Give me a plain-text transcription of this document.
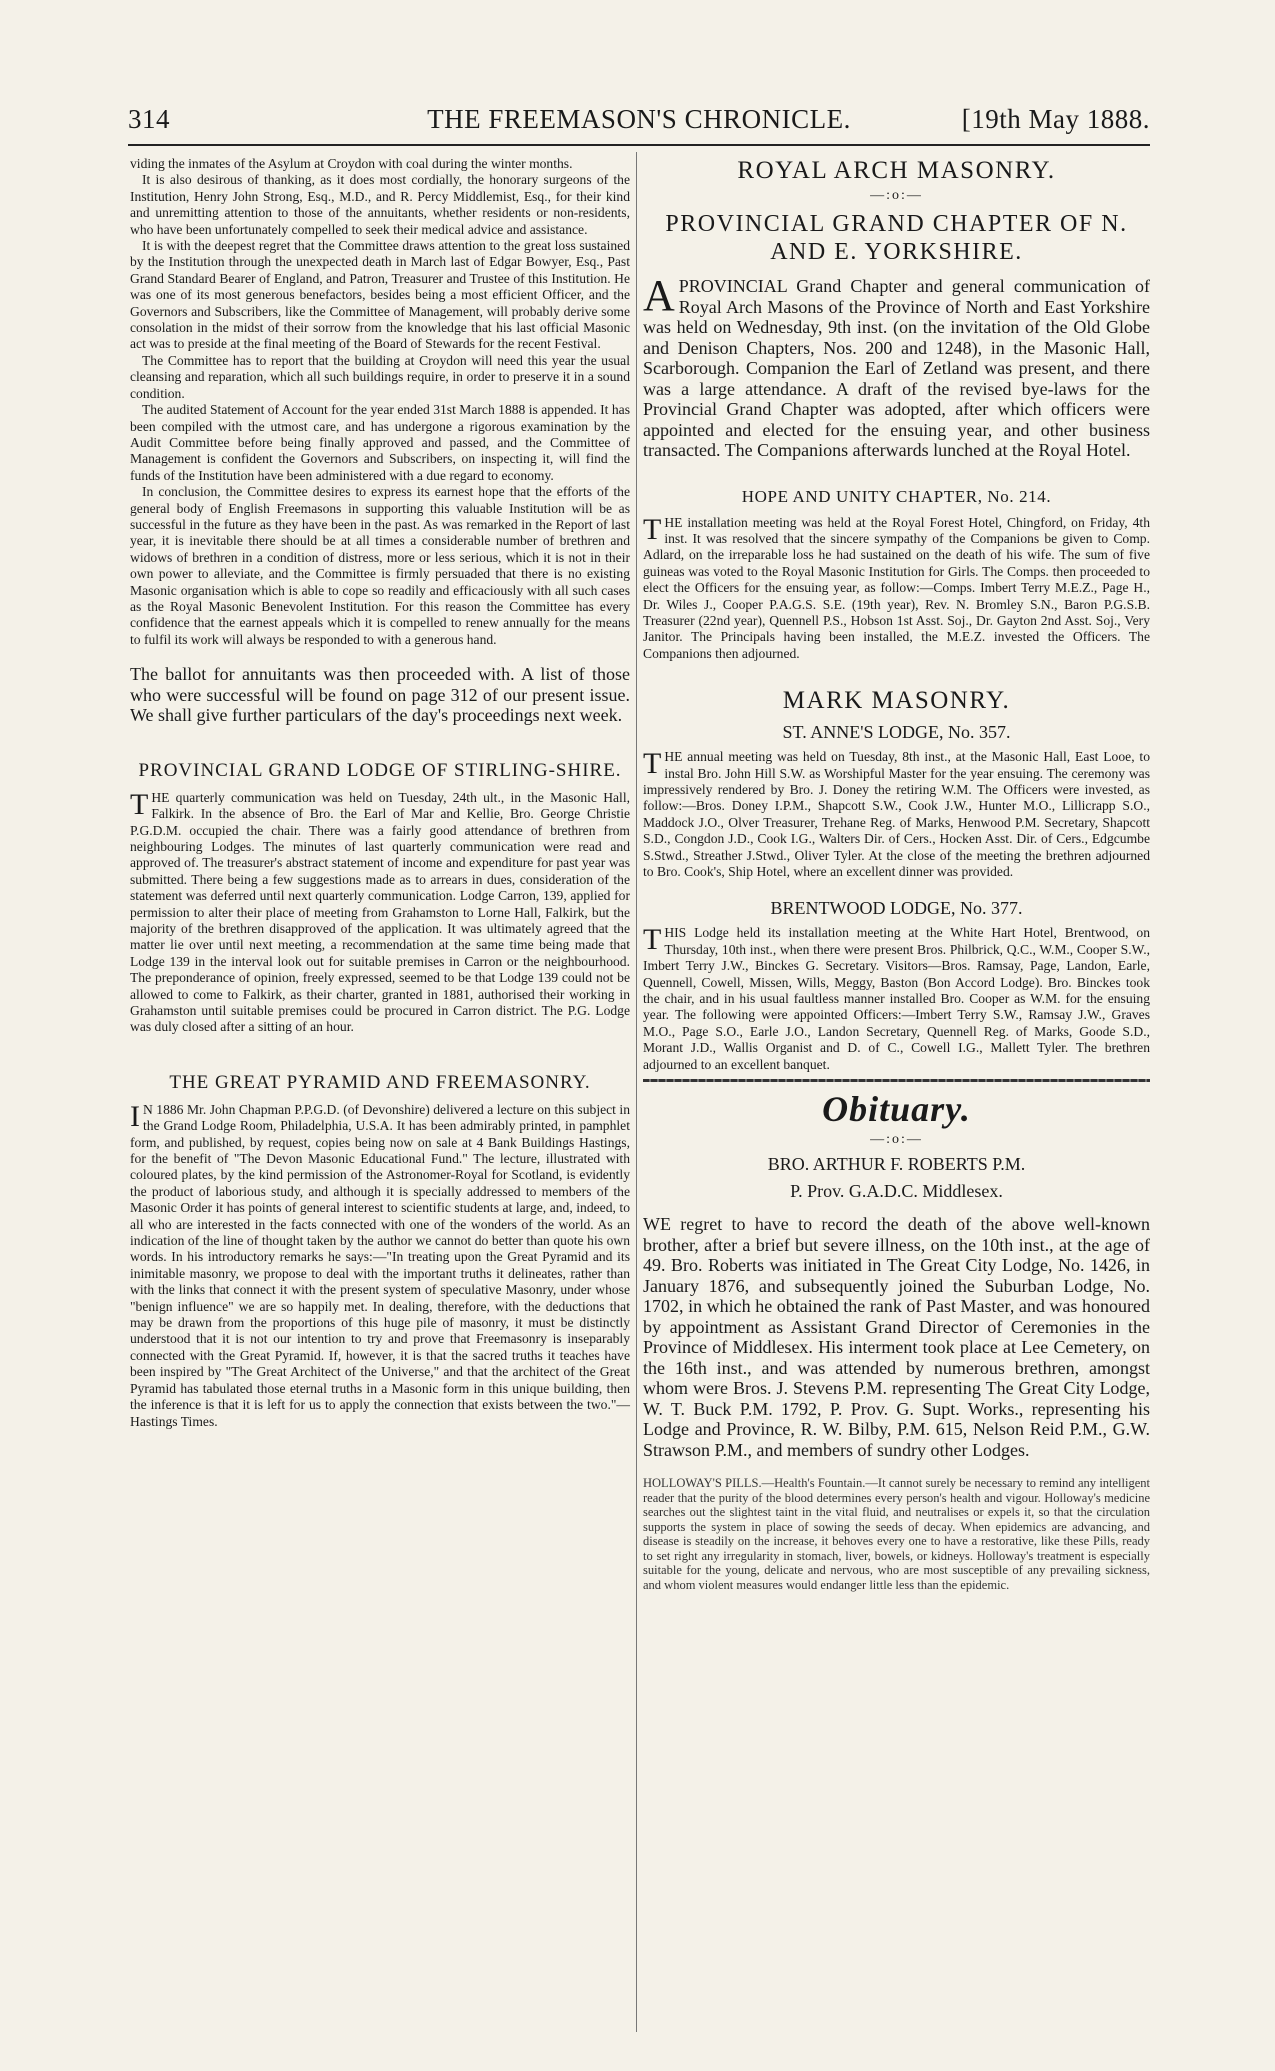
314	THE FREEMASON'S CHRONICLE.	[19th May 1888.

viding the inmates of the Asylum at Croydon with coal during the winter months.

It is also desirous of thanking, as it does most cordially, the honorary surgeons of the Institution, Henry John Strong, Esq., M.D., and R. Percy Middlemist, Esq., for their kind and unremitting attention to those of the annuitants, whether residents or non-residents, who have been unfortunately compelled to seek their medical advice and assistance.

It is with the deepest regret that the Committee draws attention to the great loss sustained by the Institution through the unexpected death in March last of Edgar Bowyer, Esq., Past Grand Standard Bearer of England, and Patron, Treasurer and Trustee of this Institution. He was one of its most generous benefactors, besides being a most efficient Officer, and the Governors and Subscribers, like the Committee of Management, will probably derive some consolation in the midst of their sorrow from the knowledge that his last official Masonic act was to preside at the final meeting of the Board of Stewards for the recent Festival.

The Committee has to report that the building at Croydon will need this year the usual cleansing and reparation, which all such buildings require, in order to preserve it in a sound condition.

The audited Statement of Account for the year ended 31st March 1888 is appended. It has been compiled with the utmost care, and has undergone a rigorous examination by the Audit Committee before being finally approved and passed, and the Committee of Management is confident the Governors and Subscribers, on inspecting it, will find the funds of the Institution have been administered with a due regard to economy.

In conclusion, the Committee desires to express its earnest hope that the efforts of the general body of English Freemasons in supporting this valuable Institution will be as successful in the future as they have been in the past. As was remarked in the Report of last year, it is inevitable there should be at all times a considerable number of brethren and widows of brethren in a condition of distress, more or less serious, which it is not in their own power to alleviate, and the Committee is firmly persuaded that there is no existing Masonic organisation which is able to cope so readily and efficaciously with all such cases as the Royal Masonic Benevolent Institution. For this reason the Committee has every confidence that the earnest appeals which it is compelled to renew annually for the means to fulfil its work will always be responded to with a generous hand.

The ballot for annuitants was then proceeded with. A list of those who were successful will be found on page 312 of our present issue. We shall give further particulars of the day's proceedings next week.

PROVINCIAL GRAND LODGE OF STIRLING-SHIRE.

T HE quarterly communication was held on Tuesday, 24th ult., in the Masonic Hall, Falkirk. In the absence of Bro. the Earl of Mar and Kellie, Bro. George Christie P.G.D.M. occupied the chair. There was a fairly good attendance of brethren from neighbouring Lodges. The minutes of last quarterly communication were read and approved of. The treasurer's abstract statement of income and expenditure for past year was submitted. There being a few suggestions made as to arrears in dues, consideration of the statement was deferred until next quarterly communication. Lodge Carron, 139, applied for permission to alter their place of meeting from Grahamston to Lorne Hall, Falkirk, but the majority of the brethren disapproved of the application. It was ultimately agreed that the matter lie over until next meeting, a recommendation at the same time being made that Lodge 139 in the interval look out for suitable premises in Carron or the neighbourhood. The preponderance of opinion, freely expressed, seemed to be that Lodge 139 could not be allowed to come to Falkirk, as their charter, granted in 1881, authorised their working in Grahamston until suitable premises could be procured in Carron district. The P.G. Lodge was duly closed after a sitting of an hour.

THE GREAT PYRAMID AND FREEMASONRY.

I N 1886 Mr. John Chapman P.P.G.D. (of Devonshire) delivered a lecture on this subject in the Grand Lodge Room, Philadelphia, U.S.A. It has been admirably printed, in pamphlet form, and published, by request, copies being now on sale at 4 Bank Buildings Hastings, for the benefit of "The Devon Masonic Educational Fund." The lecture, illustrated with coloured plates, by the kind permission of the Astronomer-Royal for Scotland, is evidently the product of laborious study, and although it is specially addressed to members of the Masonic Order it has points of general interest to scientific students at large, and, indeed, to all who are interested in the facts connected with one of the wonders of the world. As an indication of the line of thought taken by the author we cannot do better than quote his own words. In his introductory remarks he says:—"In treating upon the Great Pyramid and its inimitable masonry, we propose to deal with the important truths it delineates, rather than with the links that connect it with the present system of speculative Masonry, under whose "benign influence" we are so happily met. In dealing, therefore, with the deductions that may be drawn from the proportions of this huge pile of masonry, it must be distinctly understood that it is not our intention to try and prove that Freemasonry is inseparably connected with the Great Pyramid. If, however, it is that the sacred truths it teaches have been inspired by "The Great Architect of the Universe," and that the architect of the Great Pyramid has tabulated those eternal truths in a Masonic form in this unique building, then the inference is that it is left for us to apply the connection that exists between the two."—Hastings Times.

ROYAL ARCH MASONRY.

—:o:—

PROVINCIAL GRAND CHAPTER OF N. AND E. YORKSHIRE.

A PROVINCIAL Grand Chapter and general communication of Royal Arch Masons of the Province of North and East Yorkshire was held on Wednesday, 9th inst. (on the invitation of the Old Globe and Denison Chapters, Nos. 200 and 1248), in the Masonic Hall, Scarborough. Companion the Earl of Zetland was present, and there was a large attendance. A draft of the revised bye-laws for the Provincial Grand Chapter was adopted, after which officers were appointed and elected for the ensuing year, and other business transacted. The Companions afterwards lunched at the Royal Hotel.

HOPE AND UNITY CHAPTER, No. 214.

T HE installation meeting was held at the Royal Forest Hotel, Chingford, on Friday, 4th inst. It was resolved that the sincere sympathy of the Companions be given to Comp. Adlard, on the irreparable loss he had sustained on the death of his wife. The sum of five guineas was voted to the Royal Masonic Institution for Girls. The Comps. then proceeded to elect the Officers for the ensuing year, as follow:—Comps. Imbert Terry M.E.Z., Page H., Dr. Wiles J., Cooper P.A.G.S. S.E. (19th year), Rev. N. Bromley S.N., Baron P.G.S.B. Treasurer (22nd year), Quennell P.S., Hobson 1st Asst. Soj., Dr. Gayton 2nd Asst. Soj., Very Janitor. The Principals having been installed, the M.E.Z. invested the Officers. The Companions then adjourned.

MARK MASONRY.

ST. ANNE'S LODGE, No. 357.

T HE annual meeting was held on Tuesday, 8th inst., at the Masonic Hall, East Looe, to instal Bro. John Hill S.W. as Worshipful Master for the year ensuing. The ceremony was impressively rendered by Bro. J. Doney the retiring W.M. The Officers were invested, as follow:—Bros. Doney I.P.M., Shapcott S.W., Cook J.W., Hunter M.O., Lillicrapp S.O., Maddock J.O., Olver Treasurer, Trehane Reg. of Marks, Henwood P.M. Secretary, Shapcott S.D., Congdon J.D., Cook I.G., Walters Dir. of Cers., Hocken Asst. Dir. of Cers., Edgcumbe S.Stwd., Streather J.Stwd., Oliver Tyler. At the close of the meeting the brethren adjourned to Bro. Cook's, Ship Hotel, where an excellent dinner was provided.

BRENTWOOD LODGE, No. 377.

T HIS Lodge held its installation meeting at the White Hart Hotel, Brentwood, on Thursday, 10th inst., when there were present Bros. Philbrick, Q.C., W.M., Cooper S.W., Imbert Terry J.W., Binckes G. Secretary. Visitors—Bros. Ramsay, Page, Landon, Earle, Quennell, Cowell, Missen, Wills, Meggy, Baston (Bon Accord Lodge). Bro. Binckes took the chair, and in his usual faultless manner installed Bro. Cooper as W.M. for the ensuing year. The following were appointed Officers:—Imbert Terry S.W., Ramsay J.W., Graves M.O., Page S.O., Earle J.O., Landon Secretary, Quennell Reg. of Marks, Goode S.D., Morant J.D., Wallis Organist and D. of C., Cowell I.G., Mallett Tyler. The brethren adjourned to an excellent banquet.

Obituary.

—:o:—

BRO. ARTHUR F. ROBERTS P.M.

P. Prov. G.A.D.C. Middlesex.

WE regret to have to record the death of the above well-known brother, after a brief but severe illness, on the 10th inst., at the age of 49. Bro. Roberts was initiated in The Great City Lodge, No. 1426, in January 1876, and subsequently joined the Suburban Lodge, No. 1702, in which he obtained the rank of Past Master, and was honoured by appointment as Assistant Grand Director of Ceremonies in the Province of Middlesex. His interment took place at Lee Cemetery, on the 16th inst., and was attended by numerous brethren, amongst whom were Bros. J. Stevens P.M. representing The Great City Lodge, W. T. Buck P.M. 1792, P. Prov. G. Supt. Works., representing his Lodge and Province, R. W. Bilby, P.M. 615, Nelson Reid P.M., G.W. Strawson P.M., and members of sundry other Lodges.

HOLLOWAY'S PILLS.—Health's Fountain.—It cannot surely be necessary to remind any intelligent reader that the purity of the blood determines every person's health and vigour. Holloway's medicine searches out the slightest taint in the vital fluid, and neutralises or expels it, so that the circulation supports the system in place of sowing the seeds of decay. When epidemics are advancing, and disease is steadily on the increase, it behoves every one to have a restorative, like these Pills, ready to set right any irregularity in stomach, liver, bowels, or kidneys. Holloway's treatment is especially suitable for the young, delicate and nervous, who are most susceptible of any prevailing sickness, and whom violent measures would endanger little less than the epidemic.
